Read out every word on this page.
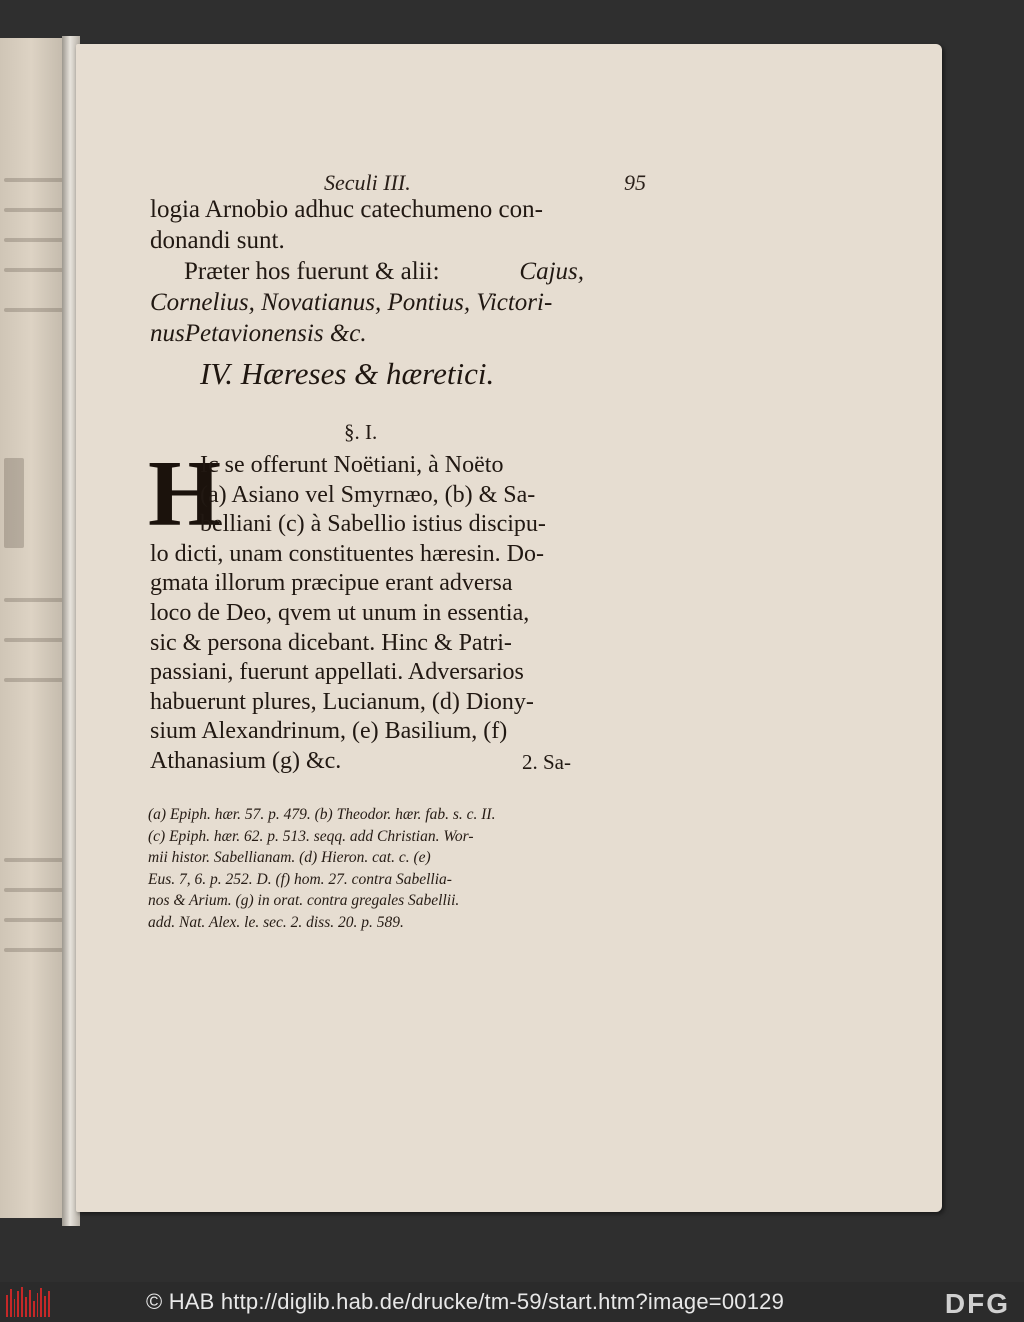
Seculi III.	95
logia Arnobio adhuc catechumeno con-
donandi sunt.
Præter hos fuerunt & alii:	Cajus,
Cornelius, Novatianus, Pontius, Victori-
nusPetavionensis &c.
IV. Hæreses & hæretici.
§. I.
H
Ic se offerunt Noëtiani, à Noëto
(a) Asiano vel Smyrnæo, (b) & Sa-
belliani (c) à Sabellio istius discipu-
lo dicti, unam constituentes hæresin. Do-
gmata illorum præcipue erant adversa
loco de Deo, qvem ut unum in essentia,
sic & persona dicebant. Hinc & Patri-
passiani, fuerunt appellati. Adversarios
habuerunt plures, Lucianum, (d) Diony-
sium Alexandrinum, (e) Basilium, (f)
Athanasium (g) &c.	2. Sa-
(a) Epiph. hær. 57. p. 479. (b) Theodor. hær. fab. s. c. II.
(c) Epiph. hær. 62. p. 513. seqq. add Christian. Wor-
mii histor. Sabellianam. (d) Hieron. cat. c. (e)
Eus. 7, 6. p. 252. D. (f) hom. 27. contra Sabellia-
nos & Arium. (g) in orat. contra gregales Sabellii.
add. Nat. Alex. le. sec. 2. diss. 20. p. 589.
© HAB http://diglib.hab.de/drucke/tm-59/start.htm?image=00129	DFG
